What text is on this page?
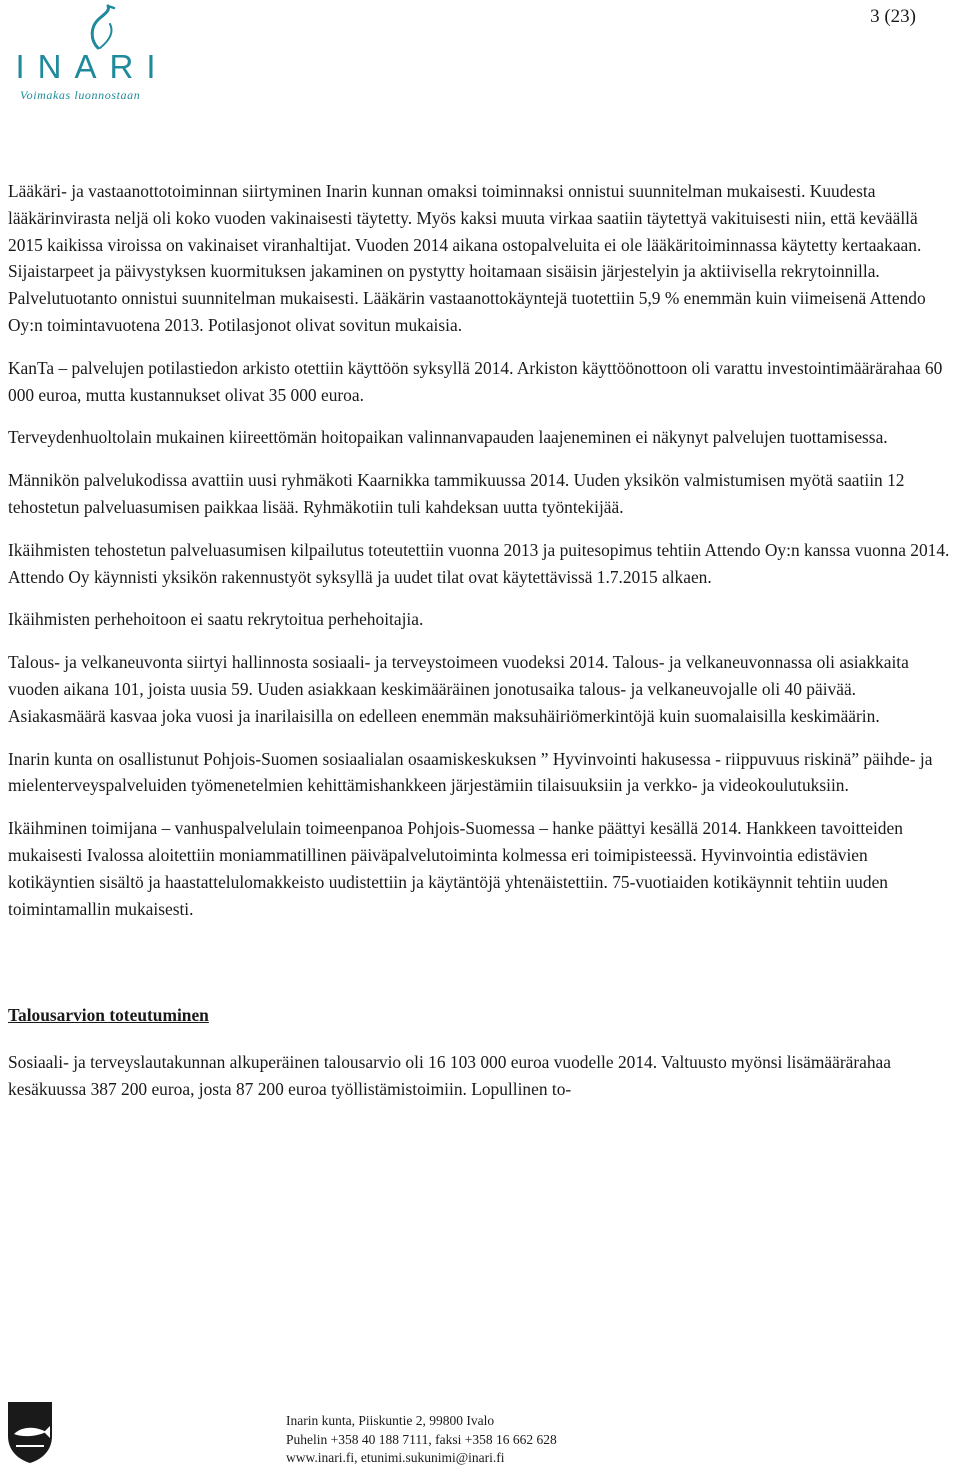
INARI
Voimakas luonnostaan
3 (23)

Lääkäri- ja vastaanottotoiminnan siirtyminen Inarin kunnan omaksi toiminnaksi onnistui suunnitelman mukaisesti. Kuudesta lääkärinvirasta neljä oli koko vuoden vakinaisesti täytetty. Myös kaksi muuta virkaa saatiin täytettyä vakituisesti niin, että keväällä 2015 kaikissa viroissa on vakinaiset viranhaltijat. Vuoden 2014 aikana ostopalveluita ei ole lääkäritoiminnassa käytetty kertaakaan. Sijaistarpeet ja päivystyksen kuormituksen jakaminen on pystytty hoitamaan sisäisin järjestelyin ja aktiivisella rekrytoinnilla. Palvelutuotanto onnistui suunnitelman mukaisesti. Lääkärin vastaanottokäyntejä tuotettiin 5,9 % enemmän kuin viimeisenä Attendo Oy:n toimintavuotena 2013. Potilasjonot olivat sovitun mukaisia.

KanTa – palvelujen potilastiedon arkisto otettiin käyttöön syksyllä 2014. Arkiston käyttöönottoon oli varattu investointimäärärahaa 60 000 euroa, mutta kustannukset olivat 35 000 euroa.

Terveydenhuoltolain mukainen kiireettömän hoitopaikan valinnanvapauden laajeneminen ei näkynyt palvelujen tuottamisessa.

Männikön palvelukodissa avattiin uusi ryhmäkoti Kaarnikka tammikuussa 2014. Uuden yksikön valmistumisen myötä saatiin 12 tehostetun palveluasumisen paikkaa lisää. Ryhmäkotiin tuli kahdeksan uutta työntekijää.

Ikäihmisten tehostetun palveluasumisen kilpailutus toteutettiin vuonna 2013 ja puitesopimus tehtiin Attendo Oy:n kanssa vuonna 2014. Attendo Oy käynnisti yksikön rakennustyöt syksyllä ja uudet tilat ovat käytettävissä 1.7.2015 alkaen.

Ikäihmisten perhehoitoon ei saatu rekrytoitua perhehoitajia.

Talous- ja velkaneuvonta siirtyi hallinnosta sosiaali- ja terveystoimeen vuodeksi 2014. Talous- ja velkaneuvonnassa oli asiakkaita vuoden aikana 101, joista uusia 59. Uuden asiakkaan keskimääräinen jonotusaika talous- ja velkaneuvojalle oli 40 päivää. Asiakasmäärä kasvaa joka vuosi ja inarilaisilla on edelleen enemmän maksuhäiriömerkintöjä kuin suomalaisilla keskimäärin.

Inarin kunta on osallistunut Pohjois-Suomen sosiaalialan osaamiskeskuksen ” Hyvinvointi hakusessa - riippuvuus riskinä” päihde- ja mielenterveyspalveluiden työmenetelmien kehittämishankkeen järjestämiin tilaisuuksiin ja verkko- ja videokoulutuksiin.

Ikäihminen toimijana – vanhuspalvelulain toimeenpanoa Pohjois-Suomessa – hanke päättyi kesällä 2014. Hankkeen tavoitteiden mukaisesti Ivalossa aloitettiin moniammatillinen päiväpalvelutoiminta kolmessa eri toimipisteessä. Hyvinvointia edistävien kotikäyntien sisältö ja haastattelulomakkeisto uudistettiin ja käytäntöjä yhtenäistettiin. 75-vuotiaiden kotikäynnit tehtiin uuden toimintamallin mukaisesti.

Talousarvion toteutuminen

Sosiaali- ja terveyslautakunnan alkuperäinen talousarvio oli 16 103 000 euroa vuodelle 2014. Valtuusto myönsi lisämäärärahaa kesäkuussa 387 200 euroa, josta 87 200 euroa työllistämistoimiin. Lopullinen to-

Inarin kunta, Piiskuntie 2, 99800 Ivalo
Puhelin +358 40 188 7111, faksi +358 16 662 628
www.inari.fi, etunimi.sukunimi@inari.fi
